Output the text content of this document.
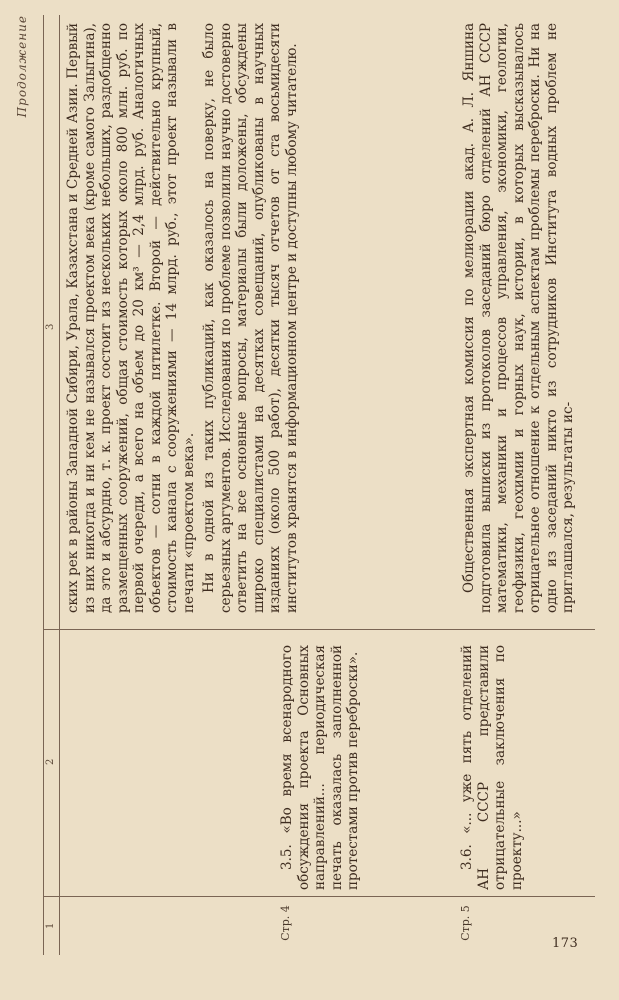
Продолжение
1
2
3
Стр. 4

3.5. «Во время всенародного обсуждения проекта Основных направлений... периодическая печать оказалась заполненной протестами против переброски».

ских рек в районы Западной Сибири, Урала, Казахстана и Средней Азии. Первый из них никогда и ни кем не назывался проектом века (кроме самого Залыгина), да это и абсурдно, т. к. проект состоит из нескольких небольших, раздобщенно размещенных сооружений, общая стоимость которых около 800 млн. руб. по первой очереди, а всего на объем до 20 км³ — 2,4 млрд. руб. Аналогичных объектов — сотни в каждой пятилетке. Второй — действительно крупный, стоимость канала с сооружениями — 14 млрд. руб., этот проект называли в печати «проектом века». Ни в одной из таких публикаций, как оказалось на поверку, не было серьезных аргументов. Исследования по проблеме позволили научно достоверно ответить на все основные вопросы, материалы были доложены, обсуждены широко специалистами на десятках совещаний, опубликованы в научных изданиях (около 500 работ), десятки тысяч отчетов от ста восьмидесяти институтов хранятся в информационном центре и доступны любому читателю.

Стр. 5

3.6. «... уже пять отделений АН СССР представили отрицательные заключения по проекту...»

Общественная экспертная комиссия по мелиорации акад. А. Л. Яншина подготовила выписки из протоколов заседаний бюро отделений АН СССР математики, механики и процессов управления, экономики, геологии, геофизики, геохимии и горных наук, истории, в которых высказывалось отрицательное отношение к отдельным аспектам проблемы переброски. Ни на одно из заседаний никто из сотрудников Института водных проблем не приглашался, результаты ис-

173
